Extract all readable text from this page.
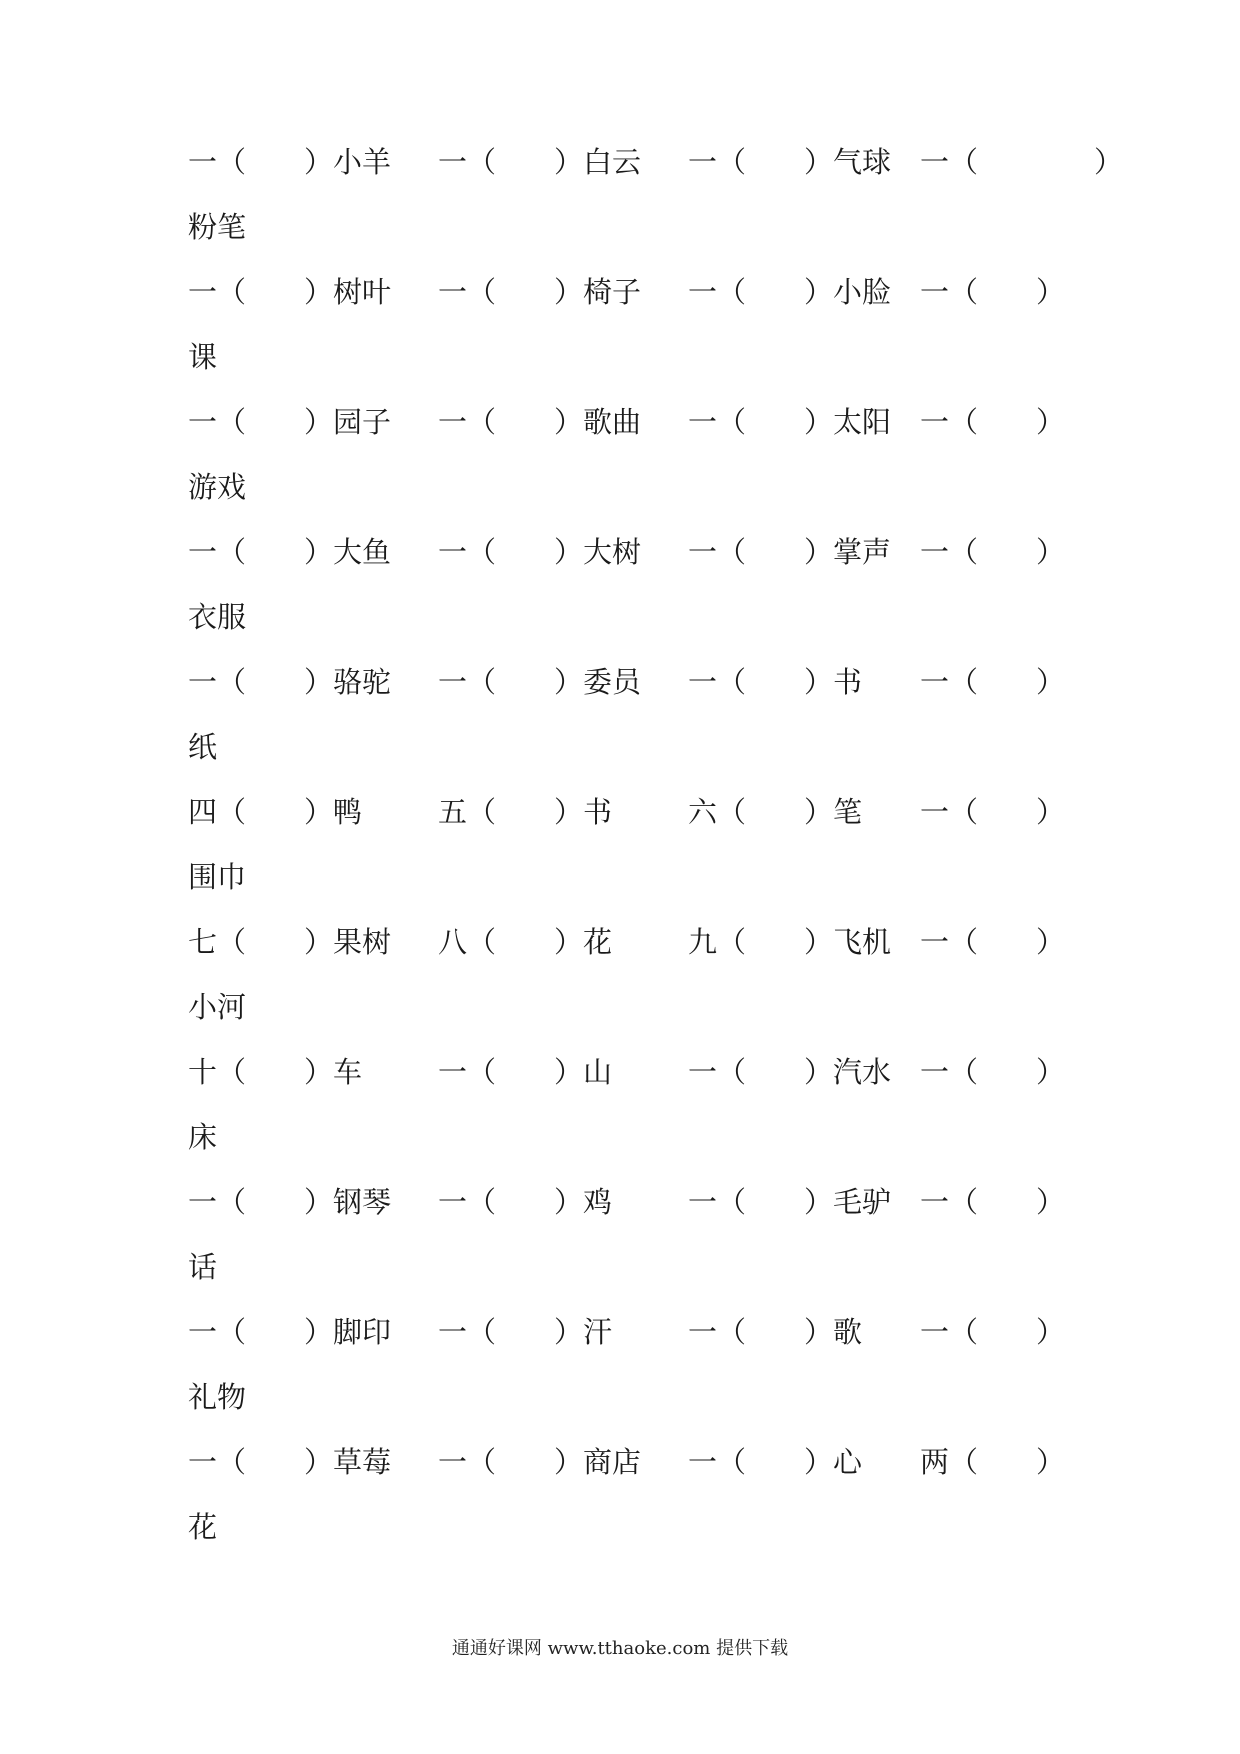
一（　　）小羊 一（　　）白云 一（　　）气球 一（　　　　）
粉笔
一（　　）树叶 一（　　）椅子 一（　　）小脸 一（　　）
课
一（　　）园子 一（　　）歌曲 一（　　）太阳 一（　　）
游戏
一（　　）大鱼 一（　　）大树 一（　　）掌声 一（　　）
衣服
一（　　）骆驼 一（　　）委员 一（　　）书 一（　　）
纸
四（　　）鸭	五（　　）书	六（　　）笔 一（　　）
围巾
七（　　）果树 八（　　）花	九（　　）飞机 一（　　）
小河
十（　　）车	一（　　）山	一（　　）汽水 一（　　）
床
一（　　）钢琴 一（　　）鸡	一（　　）毛驴 一（　　）
话
一（　　）脚印 一（　　）汗	一（　　）歌 一（　　）
礼物
一（　　）草莓 一（　　）商店 一（　　）心 两（　　）
花
通通好课网 www.tthaoke.com 提供下载
